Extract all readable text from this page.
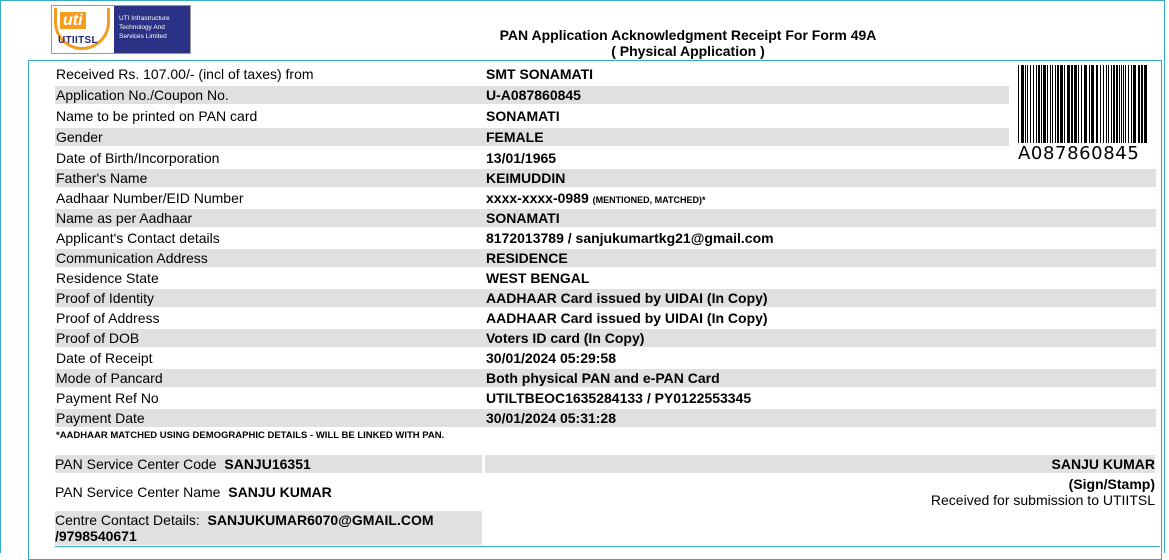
uti
UTIITSL
UTI Infrastructure
Technology And
Services Limited	PAN Application Acknowledgment Receipt For Form 49A
( Physical Application )
A087860845
Received Rs. 107.00/- (incl of taxes) from	SMT SONAMATI
Application No./Coupon No.	U-A087860845
Name to be printed on PAN card	SONAMATI
Gender	FEMALE
Date of Birth/Incorporation	13/01/1965
Father's Name	KEIMUDDIN
Aadhaar Number/EID Number	xxxx-xxxx-0989 (MENTIONED, MATCHED)*
Name as per Aadhaar	SONAMATI
Applicant's Contact details	8172013789 / sanjukumartkg21@gmail.com
Communication Address	RESIDENCE
Residence State	WEST BENGAL
Proof of Identity	AADHAAR Card issued by UIDAI (In Copy)
Proof of Address	AADHAAR Card issued by UIDAI (In Copy)
Proof of DOB	Voters ID card (In Copy)
Date of Receipt	30/01/2024 05:29:58
Mode of Pancard	Both physical PAN and e-PAN Card
Payment Ref No	UTILTBEOC1635284133 / PY0122553345
Payment Date	30/01/2024 05:31:28
*AADHAAR MATCHED USING DEMOGRAPHIC DETAILS - WILL BE LINKED WITH PAN.
PAN Service Center Code SANJU16351	SANJU KUMAR
PAN Service Center Name SANJU KUMAR	(Sign/Stamp)
Received for submission to UTIITSL
Centre Contact Details: SANJUKUMAR6070@GMAIL.COM
/9798540671
